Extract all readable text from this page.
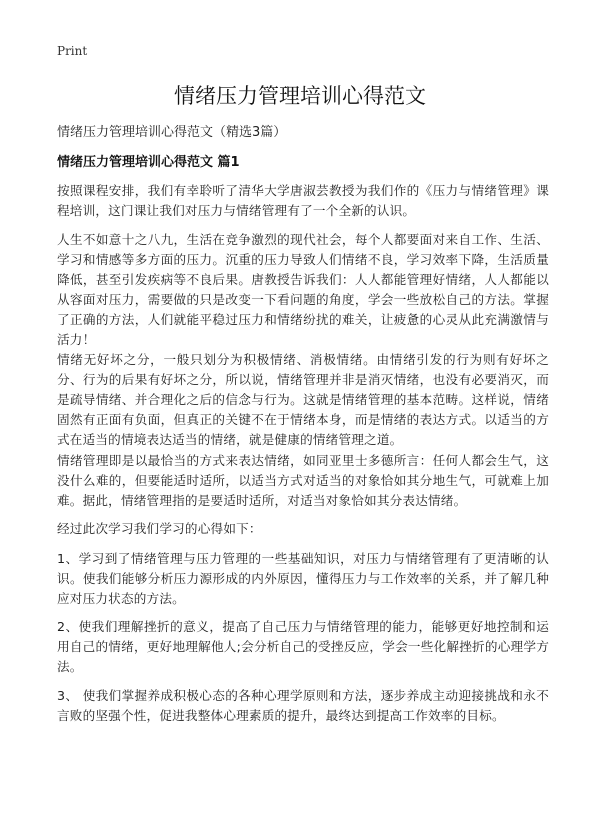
Print
情绪压力管理培训心得范文
情绪压力管理培训心得范文（精选3篇）
情绪压力管理培训心得范文 篇1

按照课程安排，我们有幸聆听了清华大学唐淑芸教授为我们作的《压力与情绪管理》课程培训，这门课让我们对压力与情绪管理有了一个全新的认识。

人生不如意十之八九，生活在竞争激烈的现代社会，每个人都要面对来自工作、生活、学习和情感等多方面的压力。沉重的压力导致人们情绪不良，学习效率下降，生活质量降低，甚至引发疾病等不良后果。唐教授告诉我们：人人都能管理好情绪，人人都能以从容面对压力，需要做的只是改变一下看问题的角度，学会一些放松自己的方法。掌握了正确的方法，人们就能平稳过压力和情绪纷扰的难关，让疲惫的心灵从此充满激情与活力！

情绪无好坏之分，一般只划分为积极情绪、消极情绪。由情绪引发的行为则有好坏之分、行为的后果有好坏之分，所以说，情绪管理并非是消灭情绪，也没有必要消灭，而是疏导情绪、并合理化之后的信念与行为。这就是情绪管理的基本范畴。这样说，情绪固然有正面有负面，但真正的关键不在于情绪本身，而是情绪的表达方式。以适当的方式在适当的情境表达适当的情绪，就是健康的情绪管理之道。

情绪管理即是以最恰当的方式来表达情绪，如同亚里士多德所言：任何人都会生气，这没什么难的，但要能适时适所，以适当方式对适当的对象恰如其分地生气，可就难上加难。据此，情绪管理指的是要适时适所，对适当对象恰如其分表达情绪。

经过此次学习我们学习的心得如下：

1、学习到了情绪管理与压力管理的一些基础知识，对压力与情绪管理有了更清晰的认识。使我们能够分析压力源形成的内外原因，懂得压力与工作效率的关系，并了解几种应对压力状态的方法。

2、使我们理解挫折的意义，提高了自己压力与情绪管理的能力，能够更好地控制和运用自己的情绪，更好地理解他人;会分析自己的受挫反应，学会一些化解挫折的心理学方法。

3、 使我们掌握养成积极心态的各种心理学原则和方法，逐步养成主动迎接挑战和永不言败的坚强个性，促进我整体心理素质的提升，最终达到提高工作效率的目标。
